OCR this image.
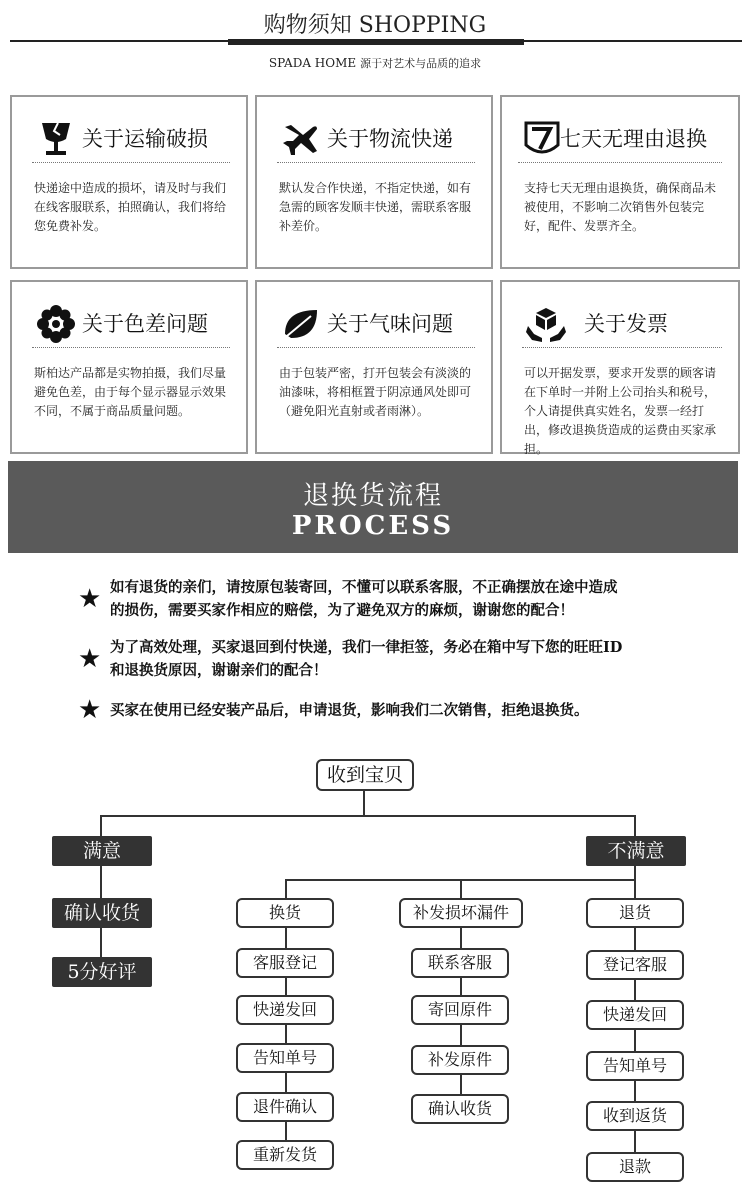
购物须知 SHOPPING
SPADA HOME 源于对艺术与品质的追求
关于运输破损
快递途中造成的损坏，请及时与我们在线客服联系，拍照确认，我们将给您免费补发。
关于物流快递
默认发合作快递，不指定快递，如有急需的顾客发顺丰快递，需联系客服补差价。
七天无理由退换
支持七天无理由退换货，确保商品未被使用，不影响二次销售外包装完好，配件、发票齐全。
关于色差问题
斯柏达产品都是实物拍摄，我们尽量避免色差，由于每个显示器显示效果不同，不属于商品质量问题。
关于气味问题
由于包装严密，打开包装会有淡淡的油漆味，将相框置于阴凉通风处即可（避免阳光直射或者雨淋）。
关于发票
可以开据发票，要求开发票的顾客请在下单时一并附上公司抬头和税号，个人请提供真实姓名，发票一经打出，修改退换货造成的运费由买家承担。
退换货流程
PROCESS
★ 如有退货的亲们，请按原包装寄回，不懂可以联系客服，不正确摆放在途中造成
的损伤，需要买家作相应的赔偿，为了避免双方的麻烦，谢谢您的配合！
★ 为了高效处理，买家退回到付快递，我们一律拒签，务必在箱中写下您的旺旺ID
和退换货原因，谢谢亲们的配合！
★ 买家在使用已经安装产品后，申请退货，影响我们二次销售，拒绝退换货。
收到宝贝
满意	不满意
确认收货
5分好评
换货
客服登记
快递发回
告知单号
退件确认
重新发货
补发损坏漏件
联系客服
寄回原件
补发原件
确认收货
退货
登记客服
快递发回
告知单号
收到返货
退款
